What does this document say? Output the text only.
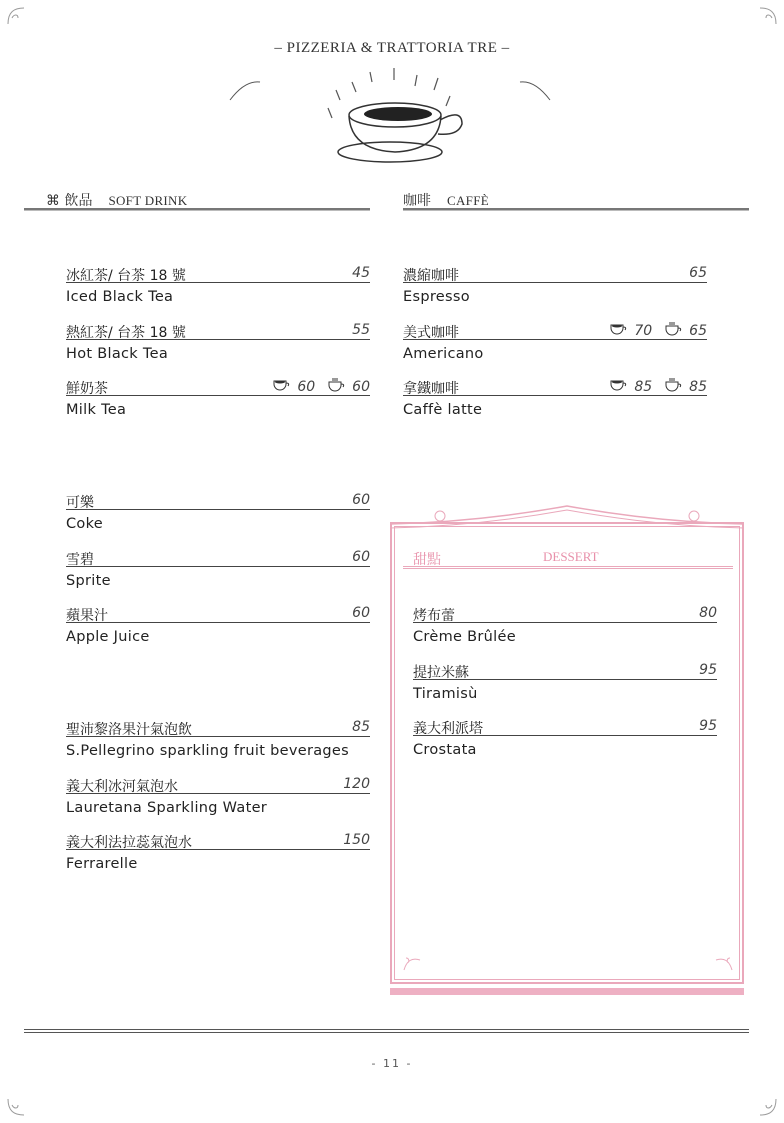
– PIZZERIA & TRATTORIA TRE –
⌘ 飲品 SOFT DRINK	咖啡 CAFFÈ
冰紅茶/ 台茶 18 號	45
Iced Black Tea
熱紅茶/ 台茶 18 號	55
Hot Black Tea
鮮奶茶	60	60
Milk Tea
可樂	60
Coke
雪碧	60
Sprite
蘋果汁	60
Apple Juice
聖沛黎洛果汁氣泡飲	85
S.Pellegrino sparkling fruit beverages
義大利冰河氣泡水	120
Lauretana Sparkling Water
義大利法拉蕊氣泡水	150
Ferrarelle
濃縮咖啡	65
Espresso
美式咖啡	70	65
Americano
拿鐵咖啡	85	85
Caffè latte
烤布蕾	80
Crème Brûlée
提拉米蘇	95
Tiramisù
義大利派塔	95
Crostata
甜點	DESSERT
- 11 -
